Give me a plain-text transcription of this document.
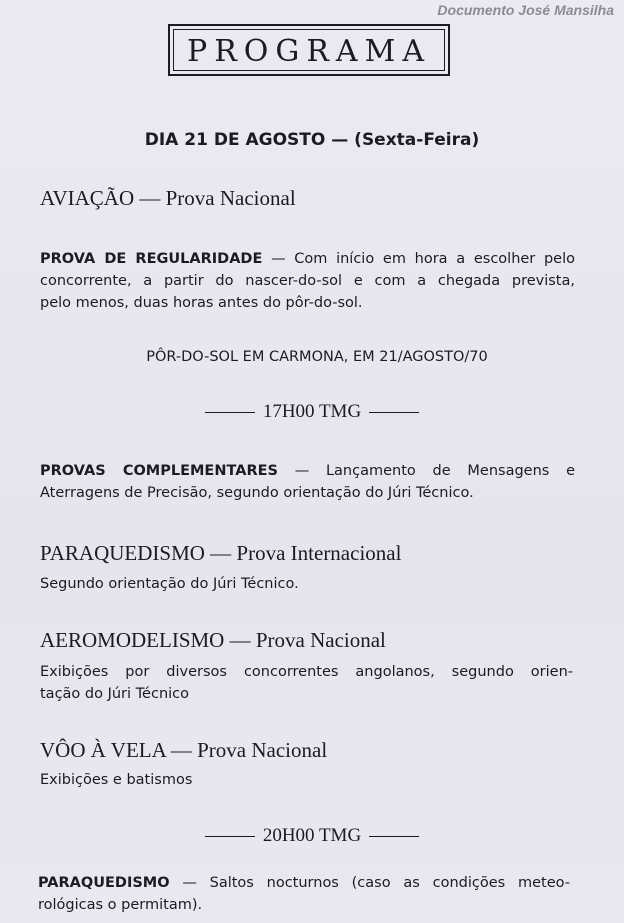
Documento José Mansilha
PROGRAMA
DIA 21 DE AGOSTO — (Sexta-Feira)
AVIAÇÃO — Prova Nacional
PROVA DE REGULARIDADE — Com início em hora a escolher pelo
concorrente, a partir do nascer-do-sol e com a chegada prevista,
pelo menos, duas horas antes do pôr-do-sol.
PÔR-DO-SOL EM CARMONA, EM 21/AGOSTO/70
17H00 TMG
PROVAS COMPLEMENTARES — Lançamento de Mensagens e
Aterragens de Precisão, segundo orientação do Júri Técnico.
PARAQUEDISMO — Prova Internacional
Segundo orientação do Júri Técnico.
AEROMODELISMO — Prova Nacional
Exibições por diversos concorrentes angolanos, segundo orien-
tação do Júri Técnico
VÔO À VELA — Prova Nacional
Exibições e batismos
20H00 TMG
PARAQUEDISMO — Saltos nocturnos (caso as condições meteo-
rológicas o permitam).
